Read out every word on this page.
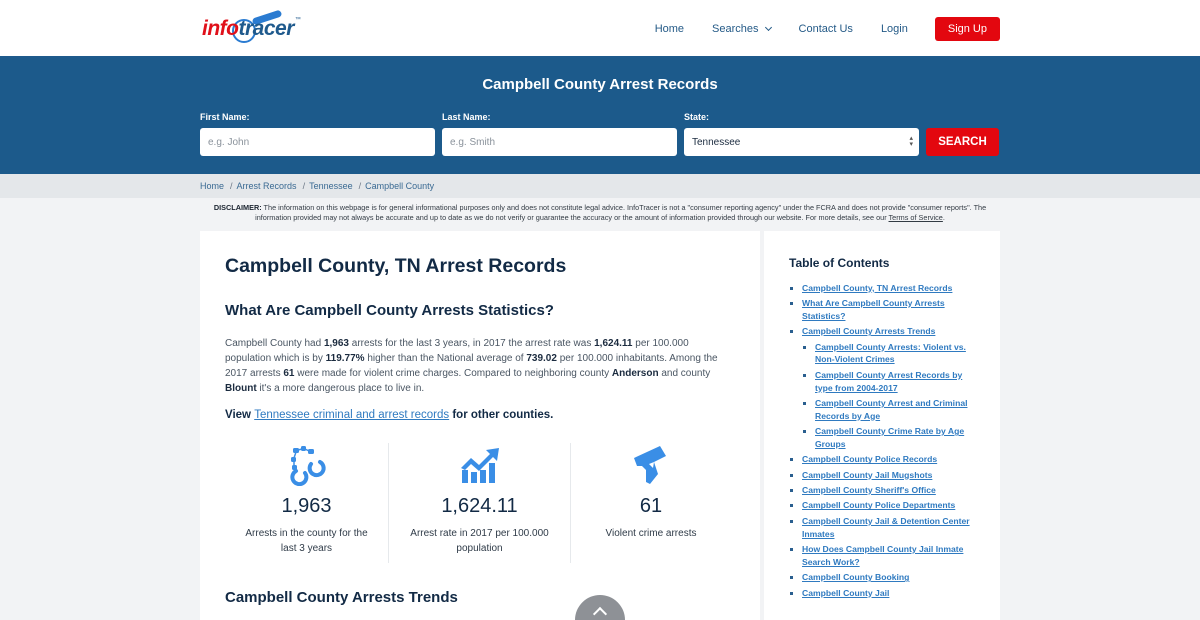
infotracer™
Home	Searches	Contact Us	Login	Sign Up
Campbell County Arrest Records
First Name:
e.g. John	Last Name:
e.g. Smith	State:
Tennessee	▴
▾ SEARCH
Home / Arrest Records / Tennessee / Campbell County
DISCLAIMER: The information on this webpage is for general informational purposes only and does not constitute legal advice. InfoTracer is not a "consumer reporting agency" under the FCRA and does not provide "consumer reports". The information provided may not always be accurate and up to date as we do not verify or guarantee the accuracy or the amount of information provided through our website. For more details, see our Terms of Service.
Campbell County, TN Arrest Records
What Are Campbell County Arrests Statistics?

Campbell County had 1,963 arrests for the last 3 years, in 2017 the arrest rate was 1,624.11 per 100.000 population which is by 119.77% higher than the National average of 739.02 per 100.000 inhabitants. Among the 2017 arrests 61 were made for violent crime charges. Compared to neighboring county Anderson and county Blount it's a more dangerous place to live in.

View Tennessee criminal and arrest records for other counties.
1,963
Arrests in the county for the last 3 years
1,624.11
Arrest rate in 2017 per 100.000 population
61
Violent crime arrests
Campbell County Arrests Trends
Table of Contents
Campbell County, TN Arrest Records
What Are Campbell County Arrests Statistics?
Campbell County Arrests Trends
Campbell County Arrests: Violent vs. Non-Violent Crimes
Campbell County Arrest Records by type from 2004-2017
Campbell County Arrest and Criminal Records by Age
Campbell County Crime Rate by Age Groups
Campbell County Police Records
Campbell County Jail Mugshots
Campbell County Sheriff's Office
Campbell County Police Departments
Campbell County Jail & Detention Center Inmates
How Does Campbell County Jail Inmate Search Work?
Campbell County Booking
Campbell County Jail
